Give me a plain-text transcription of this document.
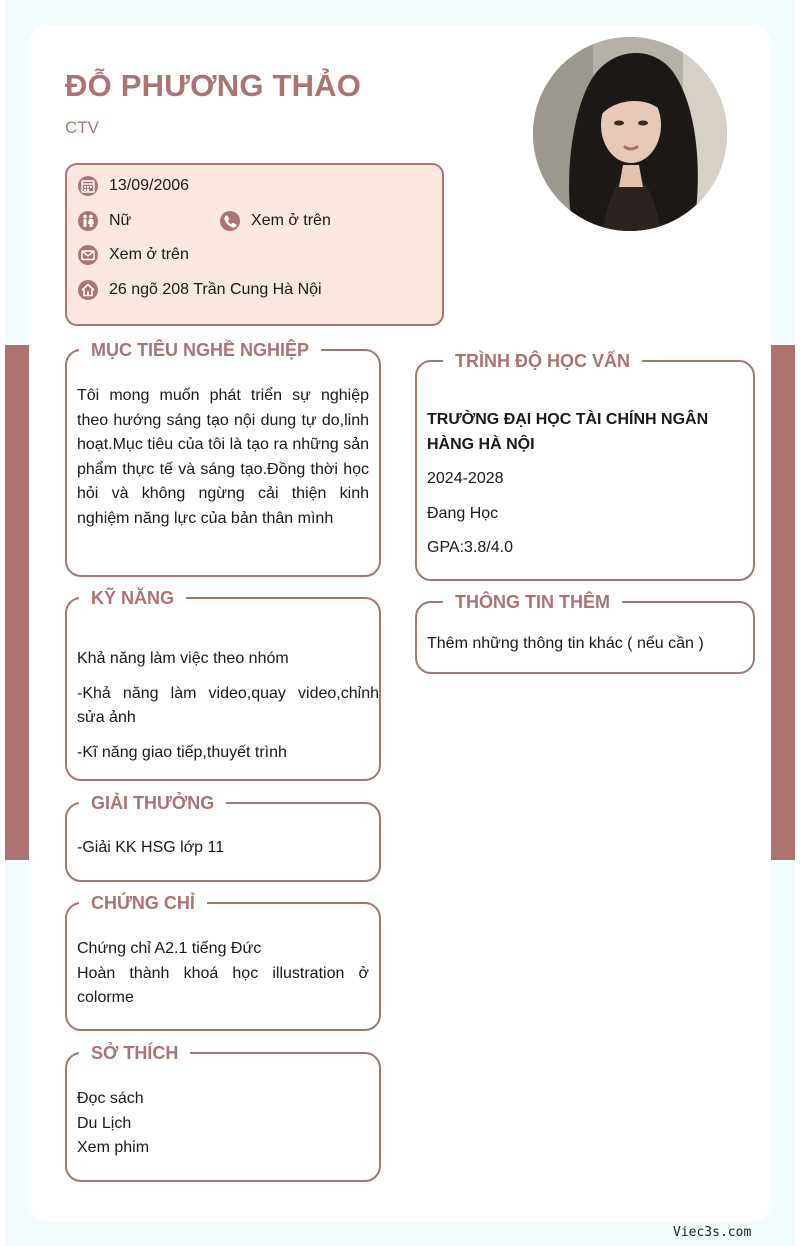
ĐỖ PHƯƠNG THẢO
CTV
13/09/2006
Nữ	Xem ở trên
Xem ở trên
26 ngõ 208 Trần Cung Hà Nội
MỤC TIÊU NGHỀ NGHIỆP
Tôi mong muốn phát triển sự nghiệp theo hướng sáng tạo nội dung tự do,linh hoạt.Mục tiêu của tôi là tạo ra những sản phẩm thực tế và sáng tạo.Đồng thời học hỏi và không ngừng cải thiện kinh nghiệm năng lực của bản thân mình
KỸ NĂNG
Khả năng làm việc theo nhóm
-Khả năng làm video,quay video,chỉnh sửa ảnh
-Kĩ năng giao tiếp,thuyết trình
GIẢI THƯỞNG
-Giải KK HSG lớp 11
CHỨNG CHỈ
Chứng chỉ A2.1 tiếng Đức
Hoàn thành khoá học illustration ở colorme
SỞ THÍCH
Đọc sách
Du Lịch
Xem phim
TRÌNH ĐỘ HỌC VẤN
TRƯỜNG ĐẠI HỌC TÀI CHÍNH NGÂN HÀNG HÀ NỘI
2024-2028
Đang Học
GPA:3.8/4.0
THÔNG TIN THÊM
Thêm những thông tin khác ( nếu cần )
Viec3s.com
